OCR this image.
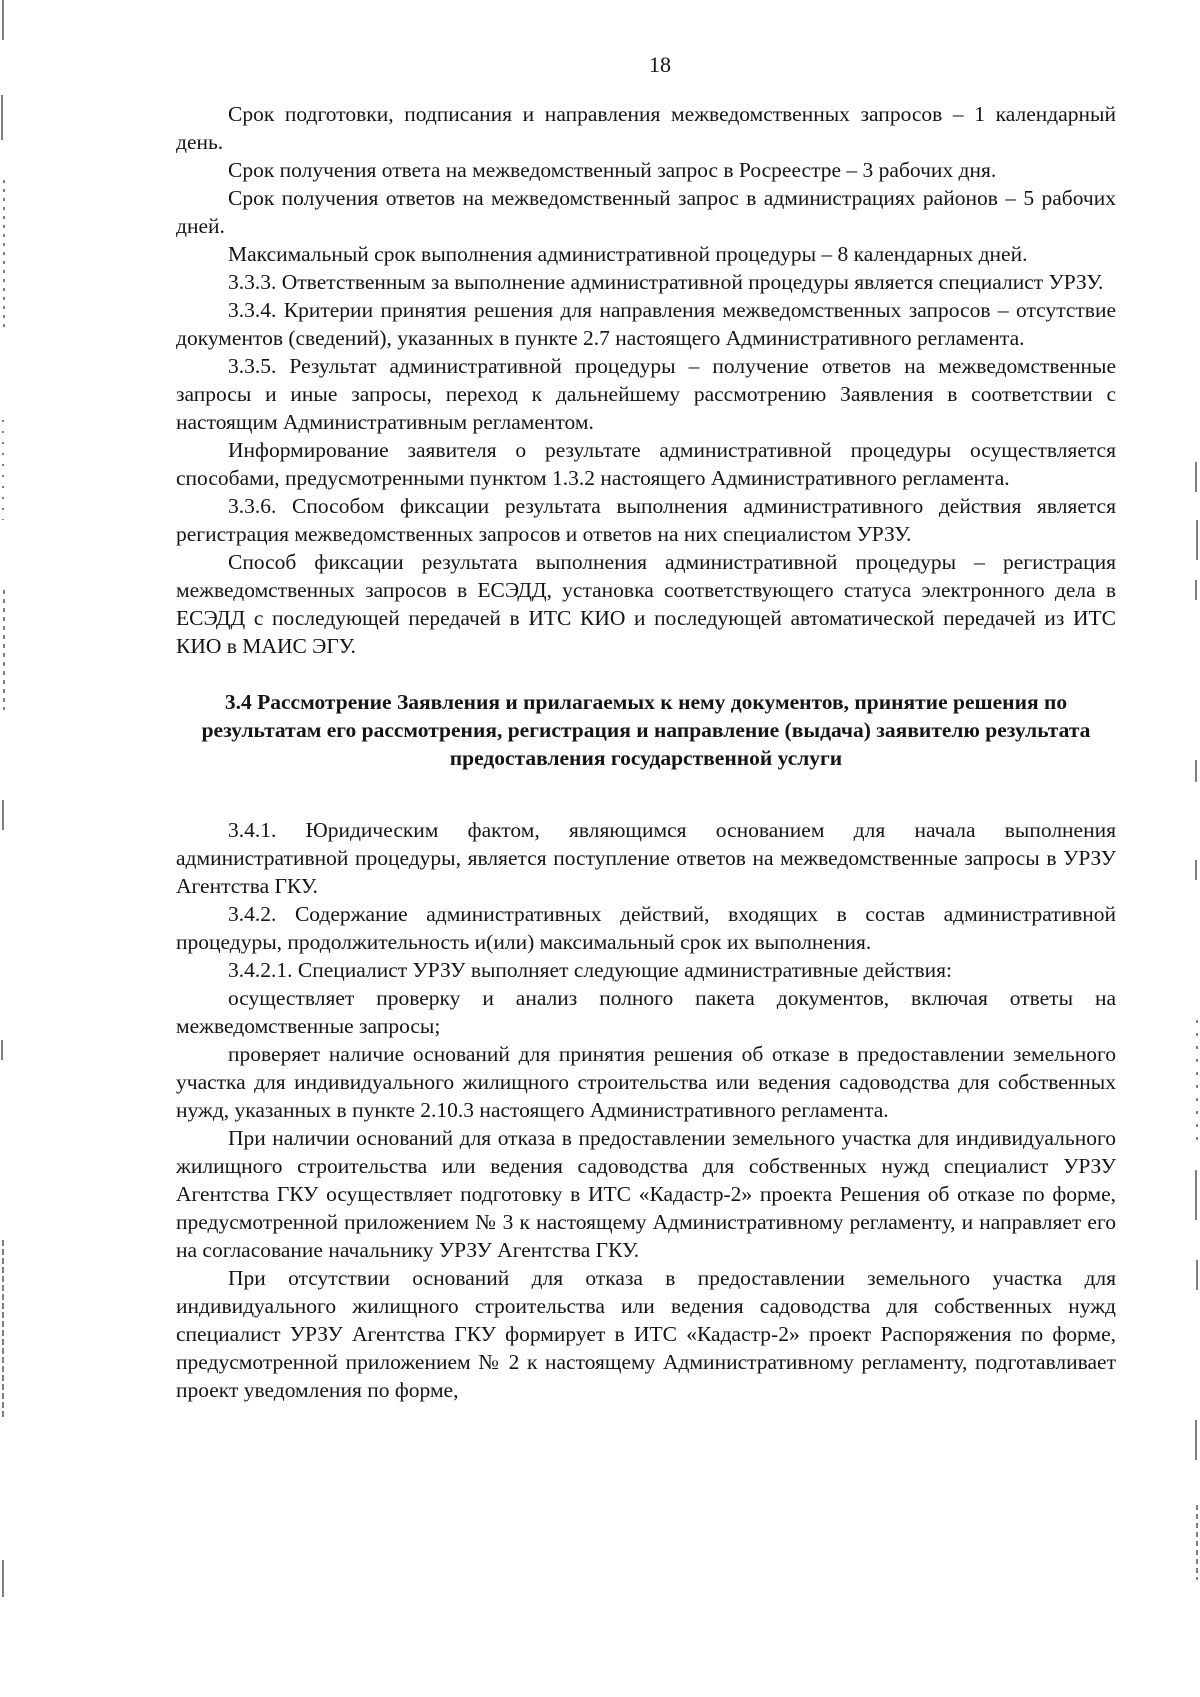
18

Срок подготовки, подписания и направления межведомственных запросов – 1 календарный день.

Срок получения ответа на межведомственный запрос в Росреестре – 3 рабочих дня.

Срок получения ответов на межведомственный запрос в администрациях районов – 5 рабочих дней.

Максимальный срок выполнения административной процедуры – 8 календарных дней.

3.3.3. Ответственным за выполнение административной процедуры является специалист УРЗУ.

3.3.4. Критерии принятия решения для направления межведомственных запросов – отсутствие документов (сведений), указанных в пункте 2.7 настоящего Административного регламента.

3.3.5. Результат административной процедуры – получение ответов на межведомственные запросы и иные запросы, переход к дальнейшему рассмотрению Заявления в соответствии с настоящим Административным регламентом.

Информирование заявителя о результате административной процедуры осуществляется способами, предусмотренными пунктом 1.3.2 настоящего Административного регламента.

3.3.6. Способом фиксации результата выполнения административного действия является регистрация межведомственных запросов и ответов на них специалистом УРЗУ.

Способ фиксации результата выполнения административной процедуры – регистрация межведомственных запросов в ЕСЭДД, установка соответствующего статуса электронного дела в ЕСЭДД с последующей передачей в ИТС КИО и последующей автоматической передачей из ИТС КИО в МАИС ЭГУ.

3.4 Рассмотрение Заявления и прилагаемых к нему документов, принятие решения по результатам его рассмотрения, регистрация и направление (выдача) заявителю результата предоставления государственной услуги

3.4.1. Юридическим фактом, являющимся основанием для начала выполнения административной процедуры, является поступление ответов на межведомственные запросы в УРЗУ Агентства ГКУ.

3.4.2. Содержание административных действий, входящих в состав административной процедуры, продолжительность и(или) максимальный срок их выполнения.

3.4.2.1. Специалист УРЗУ выполняет следующие административные действия:

осуществляет проверку и анализ полного пакета документов, включая ответы на межведомственные запросы;

проверяет наличие оснований для принятия решения об отказе в предоставлении земельного участка для индивидуального жилищного строительства или ведения садоводства для собственных нужд, указанных в пункте 2.10.3 настоящего Административного регламента.

При наличии оснований для отказа в предоставлении земельного участка для индивидуального жилищного строительства или ведения садоводства для собственных нужд специалист УРЗУ Агентства ГКУ осуществляет подготовку в ИТС «Кадастр-2» проекта Решения об отказе по форме, предусмотренной приложением № 3 к настоящему Административному регламенту, и направляет его на согласование начальнику УРЗУ Агентства ГКУ.

При отсутствии оснований для отказа в предоставлении земельного участка для индивидуального жилищного строительства или ведения садоводства для собственных нужд специалист УРЗУ Агентства ГКУ формирует в ИТС «Кадастр-2» проект Распоряжения по форме, предусмотренной приложением № 2 к настоящему Административному регламенту, подготавливает проект уведомления по форме,
